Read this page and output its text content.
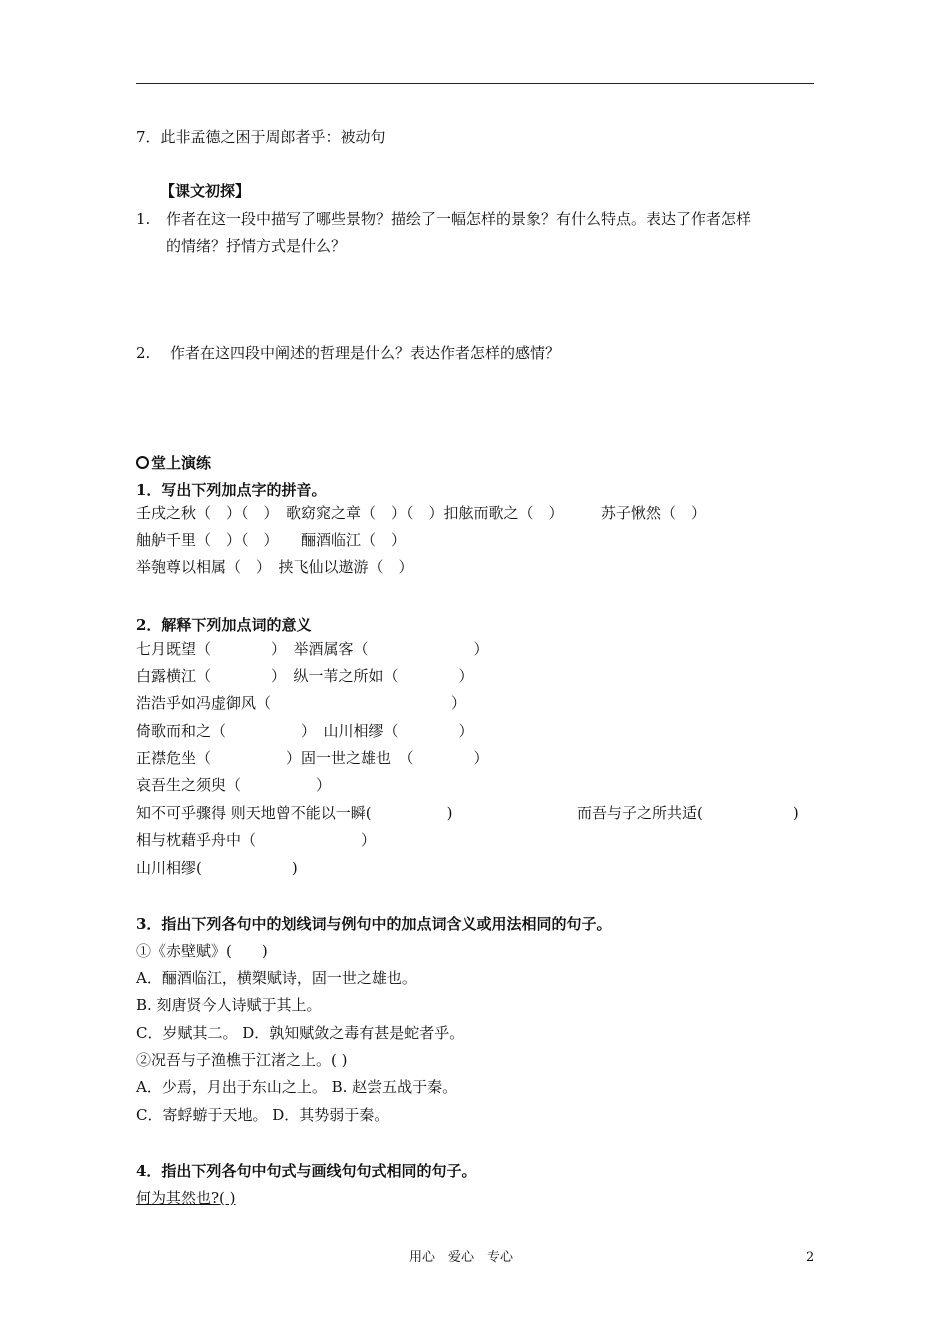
7．此非孟德之困于周郎者乎：被动句
【课文初探】
1. 作者在这一段中描写了哪些景物？描绘了一幅怎样的景象？有什么特点。表达了作者怎样
的情绪？抒情方式是什么？
2. 作者在这四段中阐述的哲理是什么？表达作者怎样的感情？
堂上演练
1．写出下列加点字的拼音。
壬戌之秋（　）（　）　歌窈窕之章（　）（　）扣舷而歌之（　）　　　苏子愀然（　）
舳舻千里（　）（　）　　酾酒临江（　）
举匏尊以相属（　）　挟飞仙以遨游（　）
2．解释下列加点词的意义
七月既望（　　　　）　举酒属客（　　　　　　　）
白露横江（　　　　）　纵一苇之所如（　　　　）
浩浩乎如冯虚御风（　　　　　　　　　　　　）
倚歌而和之（　　　　　）　山川相缪（　　　　）
正襟危坐（　　　　　）固一世之雄也　（　　　　）
哀吾生之须臾（　　　　　）
知不可乎骤得 则天地曾不能以一瞬(　　　　　)	而吾与子之所共适(　　　　　　)
相与枕藉乎舟中（　　　　　　　）
山川相缪(　　　　　　)
3．指出下列各句中的划线词与例句中的加点词含义或用法相同的句子。
①《赤壁赋》(　　)
A．酾酒临江，横槊赋诗，固一世之雄也。
B. 刻唐贤今人诗赋于其上。
C．岁赋其二。 D．孰知赋敛之毒有甚是蛇者乎。
②况吾与子渔樵于江渚之上。( )
A．少焉，月出于东山之上。 B. 赵尝五战于秦。
C．寄蜉蝣于天地。 D．其势弱于秦。
4．指出下列各句中句式与画线句句式相同的句子。
何为其然也?( )
用心　爱心　专心	2
